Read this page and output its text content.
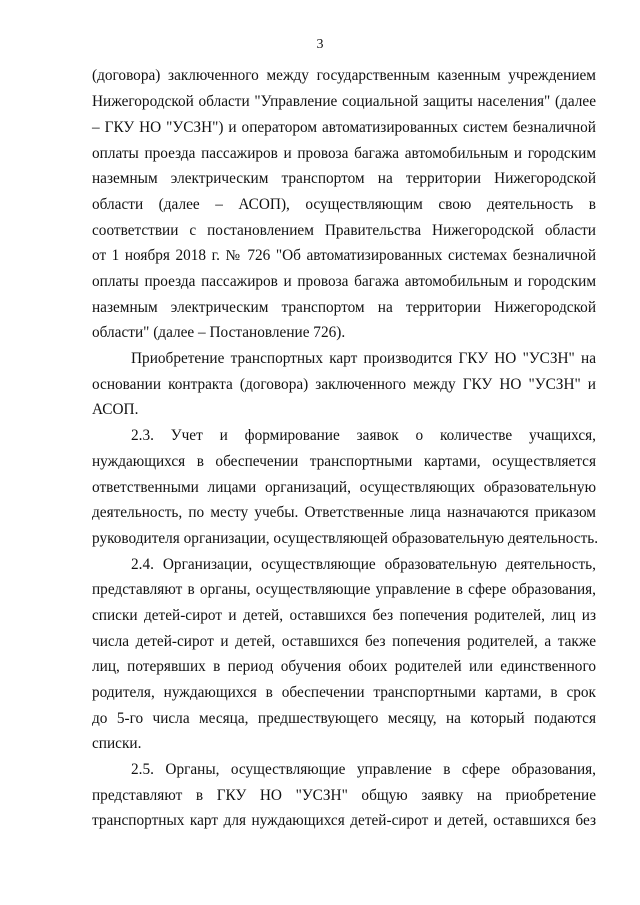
3
(договора) заключенного между государственным казенным учреждением
Нижегородской области "Управление социальной защиты населения" (далее
– ГКУ НО "УСЗН") и оператором автоматизированных систем безналичной
оплаты проезда пассажиров и провоза багажа автомобильным и городским
наземным электрическим транспортом на территории Нижегородской
области (далее – АСОП), осуществляющим свою деятельность в
соответствии с постановлением Правительства Нижегородской области
от 1 ноября 2018 г. № 726 "Об автоматизированных системах безналичной
оплаты проезда пассажиров и провоза багажа автомобильным и городским
наземным электрическим транспортом на территории Нижегородской
области" (далее – Постановление 726).
Приобретение транспортных карт производится ГКУ НО "УСЗН" на
основании контракта (договора) заключенного между ГКУ НО "УСЗН" и
АСОП.
2.3. Учет и формирование заявок о количестве учащихся,
нуждающихся в обеспечении транспортными картами, осуществляется
ответственными лицами организаций, осуществляющих образовательную
деятельность, по месту учебы. Ответственные лица назначаются приказом
руководителя организации, осуществляющей образовательную деятельность.
2.4. Организации, осуществляющие образовательную деятельность,
представляют в органы, осуществляющие управление в сфере образования,
списки детей-сирот и детей, оставшихся без попечения родителей, лиц из
числа детей-сирот и детей, оставшихся без попечения родителей, а также
лиц, потерявших в период обучения обоих родителей или единственного
родителя, нуждающихся в обеспечении транспортными картами, в срок
до 5-го числа месяца, предшествующего месяцу, на который подаются
списки.
2.5. Органы, осуществляющие управление в сфере образования,
представляют в ГКУ НО "УСЗН" общую заявку на приобретение
транспортных карт для нуждающихся детей-сирот и детей, оставшихся без
